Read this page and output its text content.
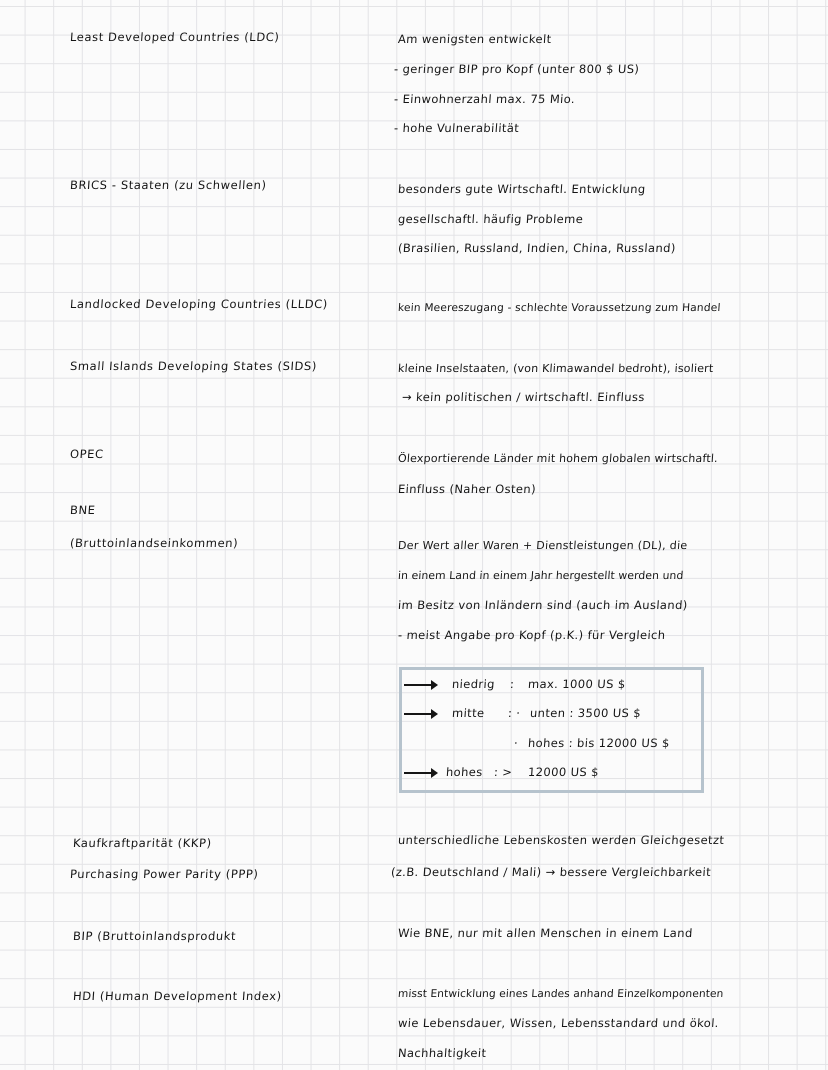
Least Developed Countries (LDC)
BRICS - Staaten (zu Schwellen)
Landlocked Developing Countries (LLDC)
Small Islands Developing States (SIDS)
OPEC
BNE
(Bruttoinlandseinkommen)
Kaufkraftparität (KKP)
Purchasing Power Parity (PPP)
BIP (Bruttoinlandsprodukt
HDI (Human Development Index)
Am wenigsten entwickelt
- geringer BIP pro Kopf (unter 800 $ US)
- Einwohnerzahl max. 75 Mio.
- hohe Vulnerabilität
besonders gute Wirtschaftl. Entwicklung
gesellschaftl. häufig Probleme
(Brasilien, Russland, Indien, China, Russland)
kein Meereszugang - schlechte Voraussetzung zum Handel
kleine Inselstaaten, (von Klimawandel bedroht), isoliert
→ kein politischen / wirtschaftl. Einfluss
Ölexportierende Länder mit hohem globalen wirtschaftl.
Einfluss (Naher Osten)
Der Wert aller Waren + Dienstleistungen (DL), die
in einem Land in einem Jahr hergestellt werden und
im Besitz von Inländern sind (auch im Ausland)
- meist Angabe pro Kopf (p.K.) für Vergleich
niedrig : max. 1000 US $
mitte : · unten : 3500 US $
· hohes : bis 12000 US $
hohes : > 12000 US $
unterschiedliche Lebenskosten werden Gleichgesetzt
(z.B. Deutschland / Mali) → bessere Vergleichbarkeit
Wie BNE, nur mit allen Menschen in einem Land
misst Entwicklung eines Landes anhand Einzelkomponenten
wie Lebensdauer, Wissen, Lebensstandard und ökol.
Nachhaltigkeit
